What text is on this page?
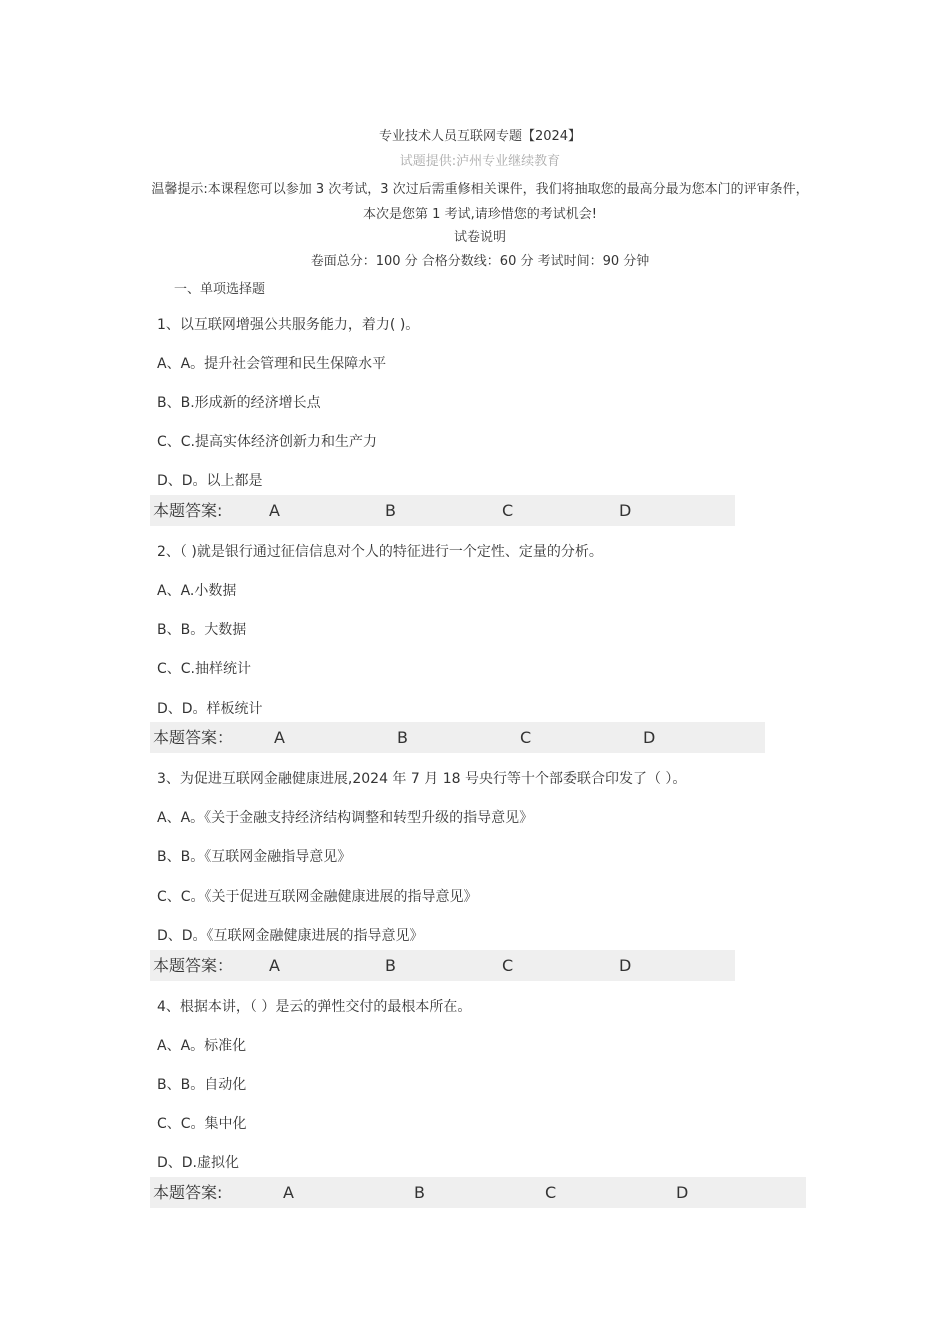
专业技术人员互联网专题【2024】
试题提供:泸州专业继续教育
温馨提示:本课程您可以参加 3 次考试，3 次过后需重修相关课件，我们将抽取您的最高分最为您本门的评审条件，本次是您第 1 考试,请珍惜您的考试机会!
试卷说明
卷面总分：100 分 合格分数线：60 分 考试时间：90 分钟
一、单项选择题
1、以互联网增强公共服务能力，着力( )。
A、A。提升社会管理和民生保障水平
B、B.形成新的经济增长点
C、C.提高实体经济创新力和生产力
D、D。以上都是
本题答案:	A	B	C	D
2、（ )就是银行通过征信信息对个人的特征进行一个定性、定量的分析。
A、A.小数据
B、B。大数据
C、C.抽样统计
D、D。样板统计
本题答案：	A	B	C	D
3、为促进互联网金融健康进展,2024 年 7 月 18 号央行等十个部委联合印发了（ ）。
A、A。《关于金融支持经济结构调整和转型升级的指导意见》
B、B。《互联网金融指导意见》
C、C。《关于促进互联网金融健康进展的指导意见》
D、D。《互联网金融健康进展的指导意见》
本题答案： A	B	C	D
4、根据本讲，（ ）是云的弹性交付的最根本所在。
A、A。标准化
B、B。自动化
C、C。集中化
D、D.虚拟化
本题答案:	A	B	C	D
